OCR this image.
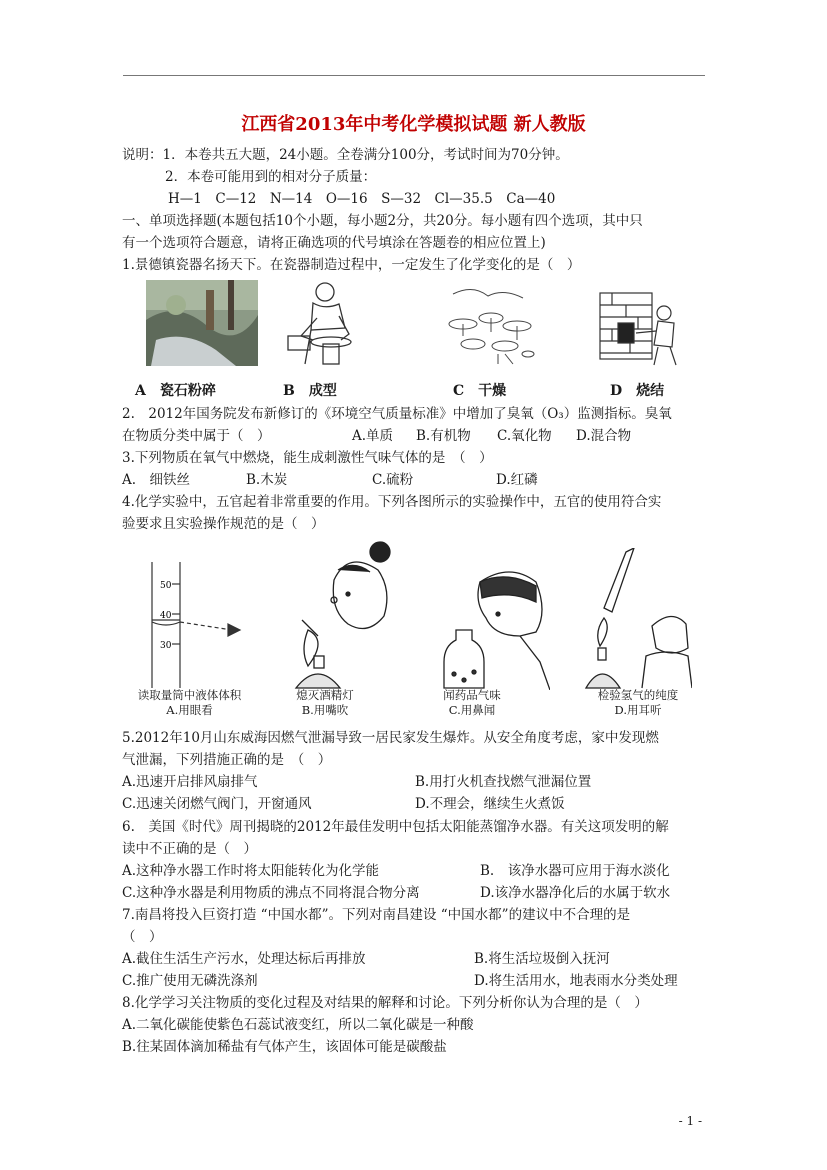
江西省2013年中考化学模拟试题 新人教版
说明：1．本卷共五大题，24小题。全卷满分100分，考试时间为70分钟。
2．本卷可能用到的相对分子质量：
H—1　C—12　N—14　O—16　S—32　Cl—35.5　Ca—40
一、单项选择题(本题包括10个小题，每小题2分，共20分。每小题有四个选项，其中只
有一个选项符合题意，请将正确选项的代号填涂在答题卷的相应位置上)
1.景德镇瓷器名扬天下。在瓷器制造过程中，一定发生了化学变化的是（　）
A　瓷石粉碎	B　成型	C　干燥	D　烧结
2.　2012年国务院发布新修订的《环境空气质量标准》中增加了臭氧（O₃）监测指标。臭氧
在物质分类中属于（　）	A.单质 B.有机物 C.氧化物 D.混合物
3.下列物质在氧气中燃烧，能生成刺激性气味气体的是　（　）
A.　细铁丝	B.木炭	C.硫粉	D.红磷
4.化学实验中，五官起着非常重要的作用。下列各图所示的实验操作中，五官的使用符合实
验要求且实验操作规范的是（　）
50
40
30
读取量筒中液体体积
A.用眼看
熄灭酒精灯
B.用嘴吹
闻药品气味
C.用鼻闻
检验氢气的纯度
D.用耳听
5.2012年10月山东威海因燃气泄漏导致一居民家发生爆炸。从安全角度考虑，家中发现燃
气泄漏，下列措施正确的是　（　）
A.迅速开启排风扇排气	B.用打火机查找燃气泄漏位置
C.迅速关闭燃气阀门，开窗通风	D.不理会，继续生火煮饭
6.　美国《时代》周刊揭晓的2012年最佳发明中包括太阳能蒸馏净水器。有关这项发明的解
读中不正确的是（　）
A.这种净水器工作时将太阳能转化为化学能	B.　该净水器可应用于海水淡化
C.这种净水器是利用物质的沸点不同将混合物分离	D.该净水器净化后的水属于软水
7.南昌将投入巨资打造 “中国水都”。下列对南昌建设 “中国水都”的建议中不合理的是
（　）
A.截住生活生产污水，处理达标后再排放	B.将生活垃圾倒入抚河
C.推广使用无磷洗涤剂	D.将生活用水，地表雨水分类处理
8.化学学习关注物质的变化过程及对结果的解释和讨论。下列分析你认为合理的是（　）
A.二氧化碳能使紫色石蕊试液变红，所以二氧化碳是一种酸
B.往某固体滴加稀盐有气体产生，该固体可能是碳酸盐
- 1 -
